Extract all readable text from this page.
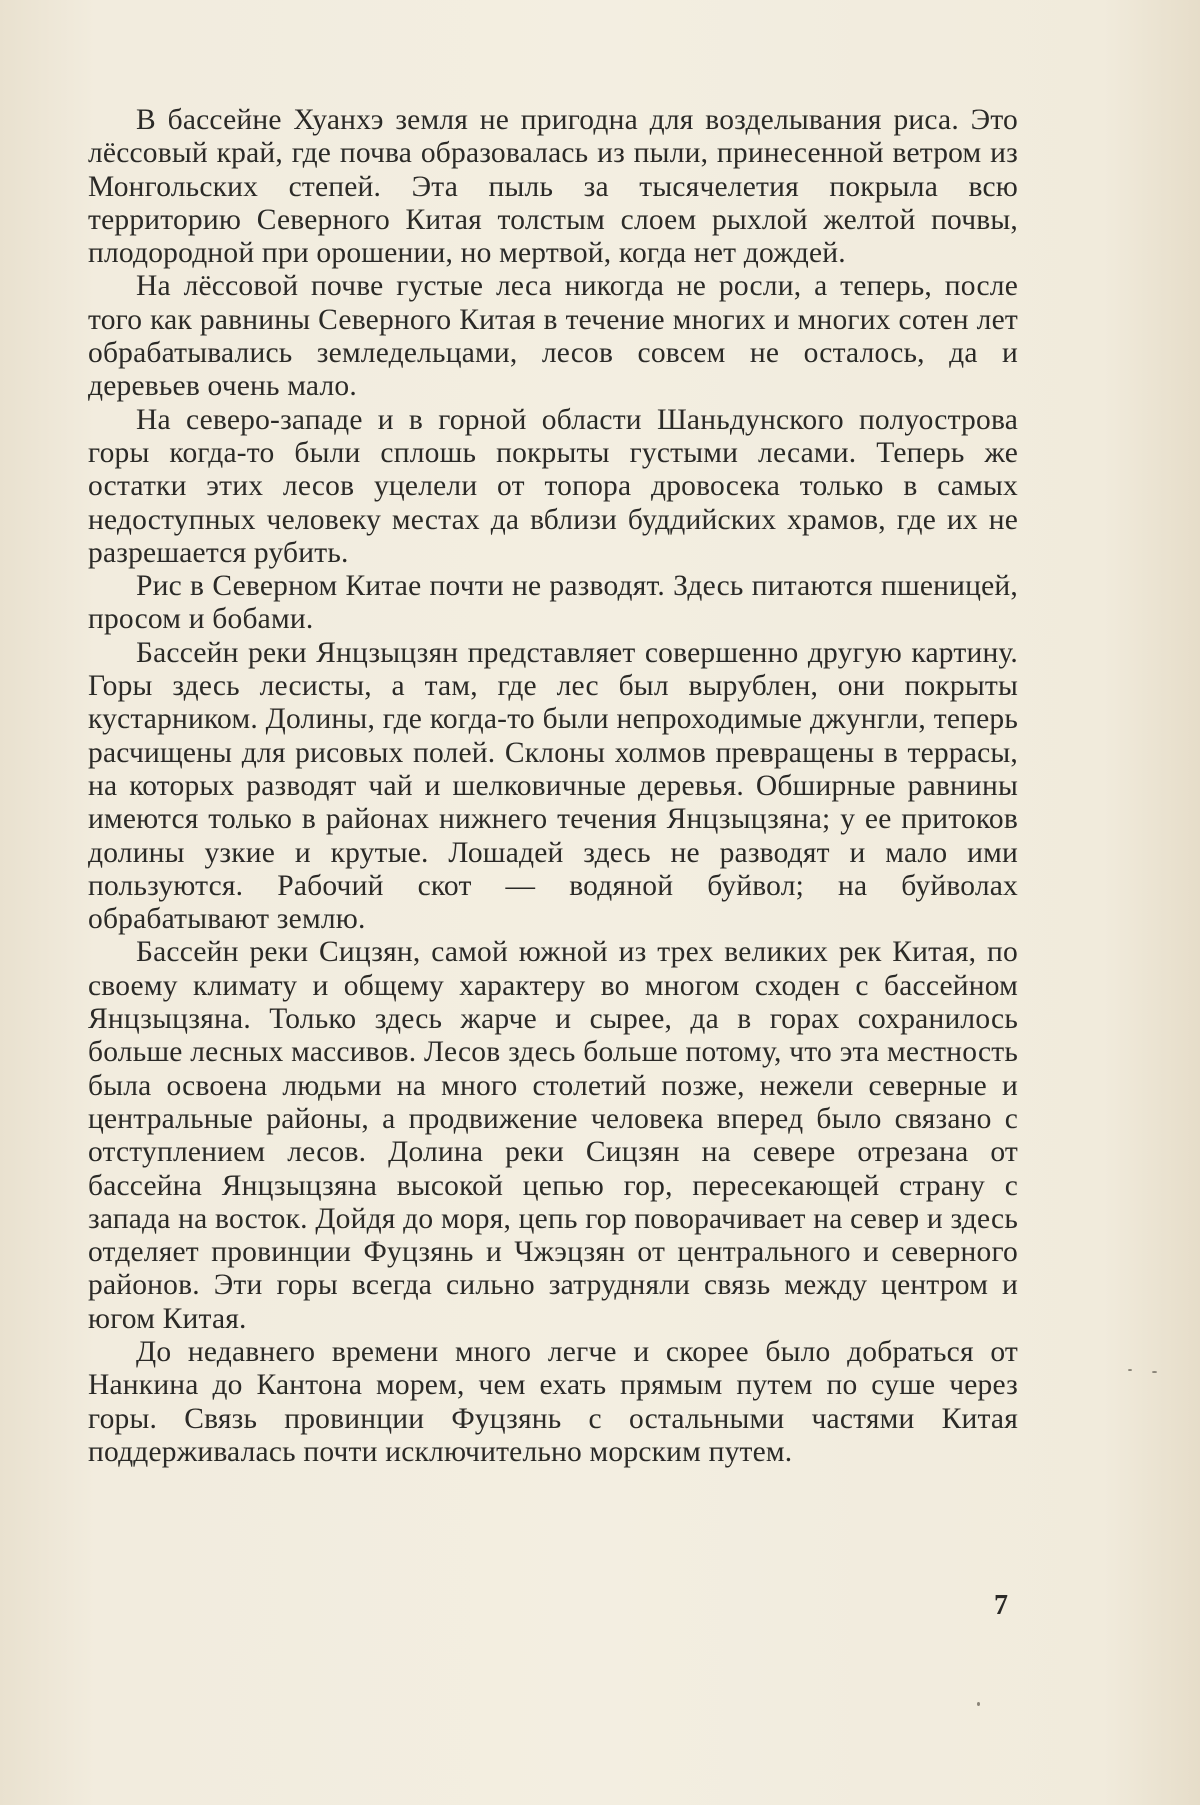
В бассейне Хуанхэ земля не пригодна для возделывания риса. Это лёссовый край, где почва образовалась из пыли, принесенной ветром из Монгольских степей. Эта пыль за тысячелетия покрыла всю территорию Северного Китая толстым слоем рыхлой желтой почвы, плодородной при орошении, но мертвой, когда нет дождей.

На лёссовой почве густые леса никогда не росли, а теперь, после того как равнины Северного Китая в течение многих и многих сотен лет обрабатывались земледельцами, лесов совсем не осталось, да и деревьев очень мало.

На северо-западе и в горной области Шаньдунского полуострова горы когда-то были сплошь покрыты густыми лесами. Теперь же остатки этих лесов уцелели от топора дровосека только в самых недоступных человеку местах да вблизи буддийских храмов, где их не разрешается рубить.

Рис в Северном Китае почти не разводят. Здесь питаются пшеницей, просом и бобами.

Бассейн реки Янцзыцзян представляет совершенно другую картину. Горы здесь лесисты, а там, где лес был вырублен, они покрыты кустарником. Долины, где когда-то были непроходимые джунгли, теперь расчищены для рисовых полей. Склоны холмов превращены в террасы, на которых разводят чай и шелковичные деревья. Обширные равнины имеются только в районах нижнего течения Янцзыцзяна; у ее притоков долины узкие и крутые. Лошадей здесь не разводят и мало ими пользуются. Рабочий скот — водяной буйвол; на буйволах обрабатывают землю.

Бассейн реки Сицзян, самой южной из трех великих рек Китая, по своему климату и общему характеру во многом сходен с бассейном Янцзыцзяна. Только здесь жарче и сырее, да в горах сохранилось больше лесных массивов. Лесов здесь больше потому, что эта местность была освоена людьми на много столетий позже, нежели северные и центральные районы, а продвижение человека вперед было связано с отступлением лесов. Долина реки Сицзян на севере отрезана от бассейна Янцзыцзяна высокой цепью гор, пересекающей страну с запада на восток. Дойдя до моря, цепь гор поворачивает на север и здесь отделяет провинции Фуцзянь и Чжэцзян от центрального и северного районов. Эти горы всегда сильно затрудняли связь между центром и югом Китая.

До недавнего времени много легче и скорее было добраться от Нанкина до Кантона морем, чем ехать прямым путем по суше через горы. Связь провинции Фуцзянь с остальными частями Китая поддерживалась почти исключительно морским путем.

7
